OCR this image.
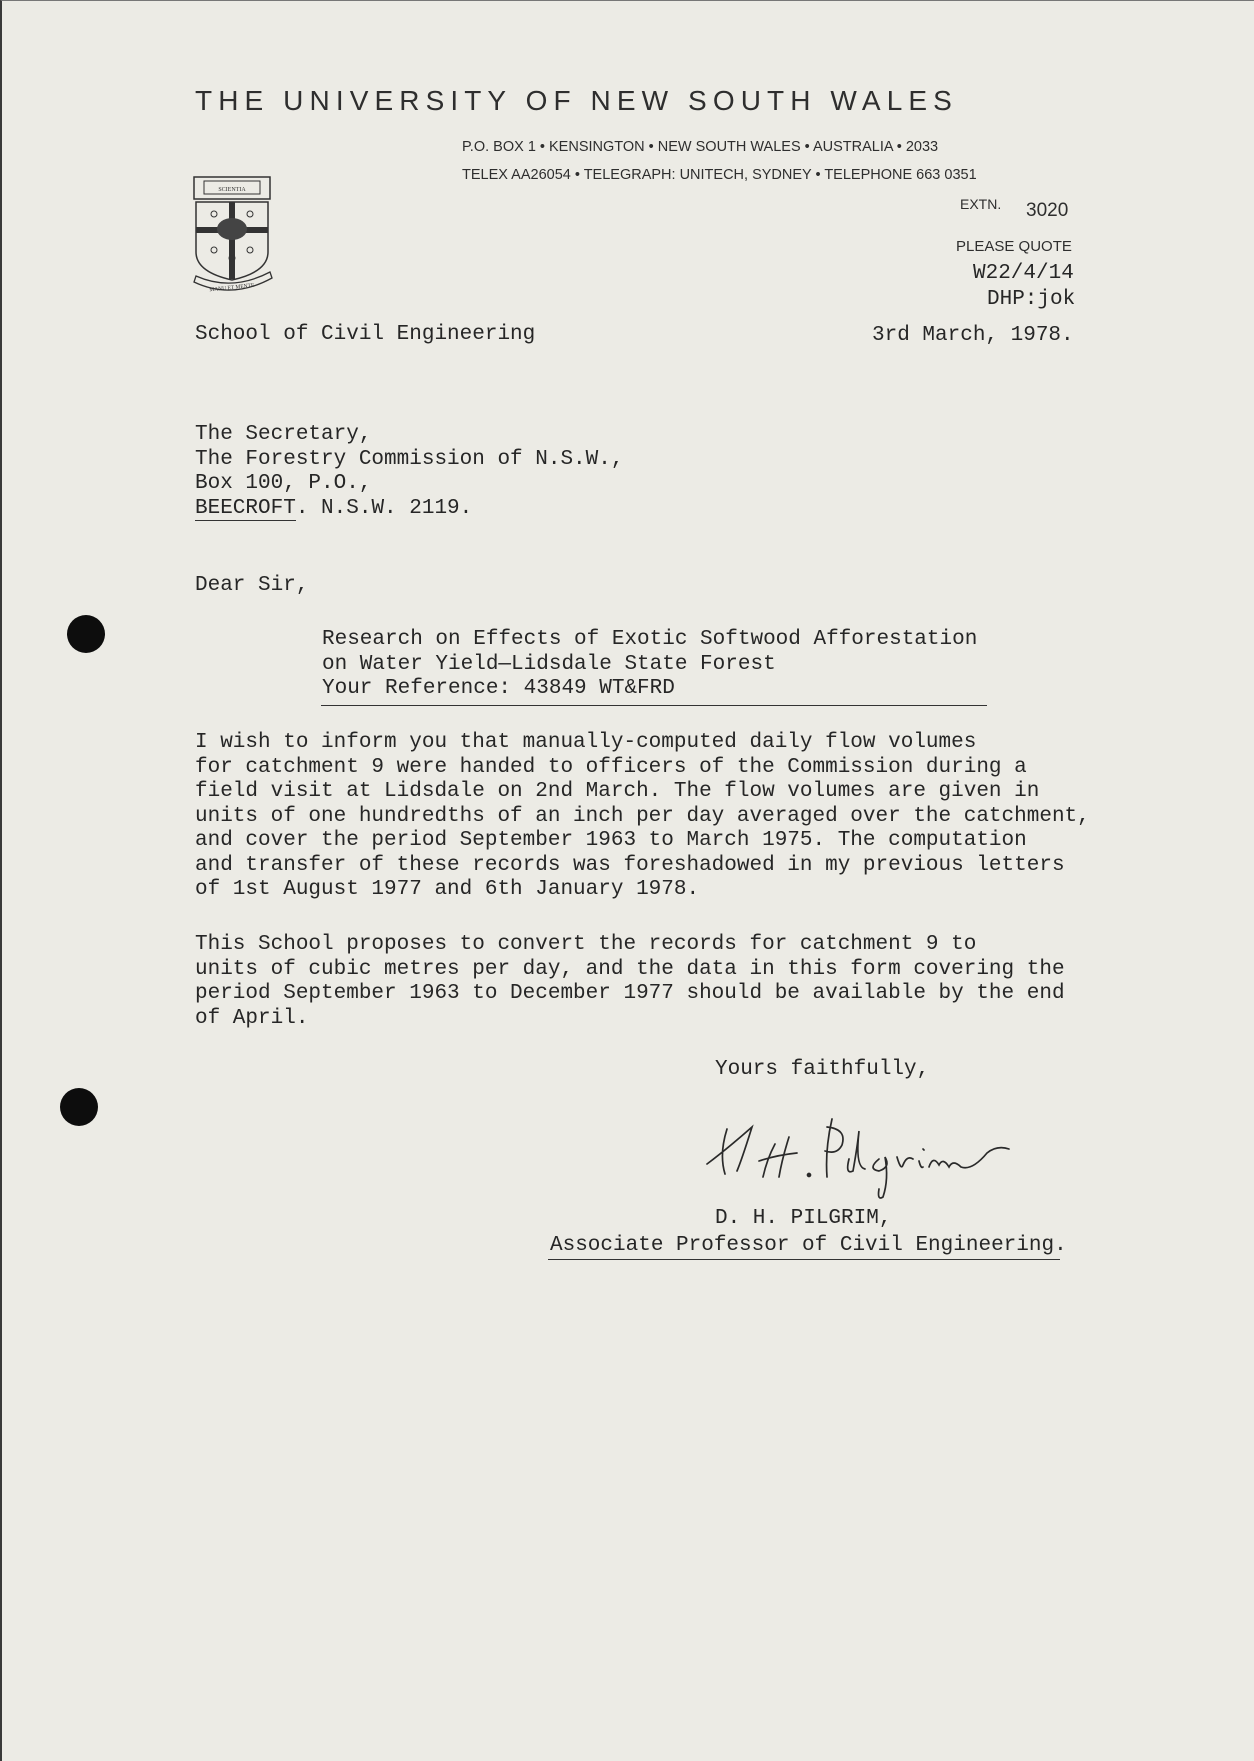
THE UNIVERSITY OF NEW SOUTH WALES
P.O. BOX 1 • KENSINGTON • NEW SOUTH WALES • AUSTRALIA • 2033
TELEX AA26054 • TELEGRAPH: UNITECH, SYDNEY • TELEPHONE 663 0351
EXTN. 3020
PLEASE QUOTE
W22/4/14
DHP:jok
SCIENTIA
MANU ET MENTE
School of Civil Engineering	3rd March, 1978.
The Secretary,
The Forestry Commission of N.S.W.,
Box 100, P.O.,
BEECROFT. N.S.W. 2119.
Dear Sir,
Research on Effects of Exotic Softwood Afforestation
on Water Yield—Lidsdale State Forest
Your Reference: 43849 WT&FRD
I wish to inform you that manually-computed daily flow volumes
for catchment 9 were handed to officers of the Commission during a
field visit at Lidsdale on 2nd March. The flow volumes are given in
units of one hundredths of an inch per day averaged over the catchment,
and cover the period September 1963 to March 1975. The computation
and transfer of these records was foreshadowed in my previous letters
of 1st August 1977 and 6th January 1978.
This School proposes to convert the records for catchment 9 to
units of cubic metres per day, and the data in this form covering the
period September 1963 to December 1977 should be available by the end
of April.
Yours faithfully,
D. H. PILGRIM,
Associate Professor of Civil Engineering.
